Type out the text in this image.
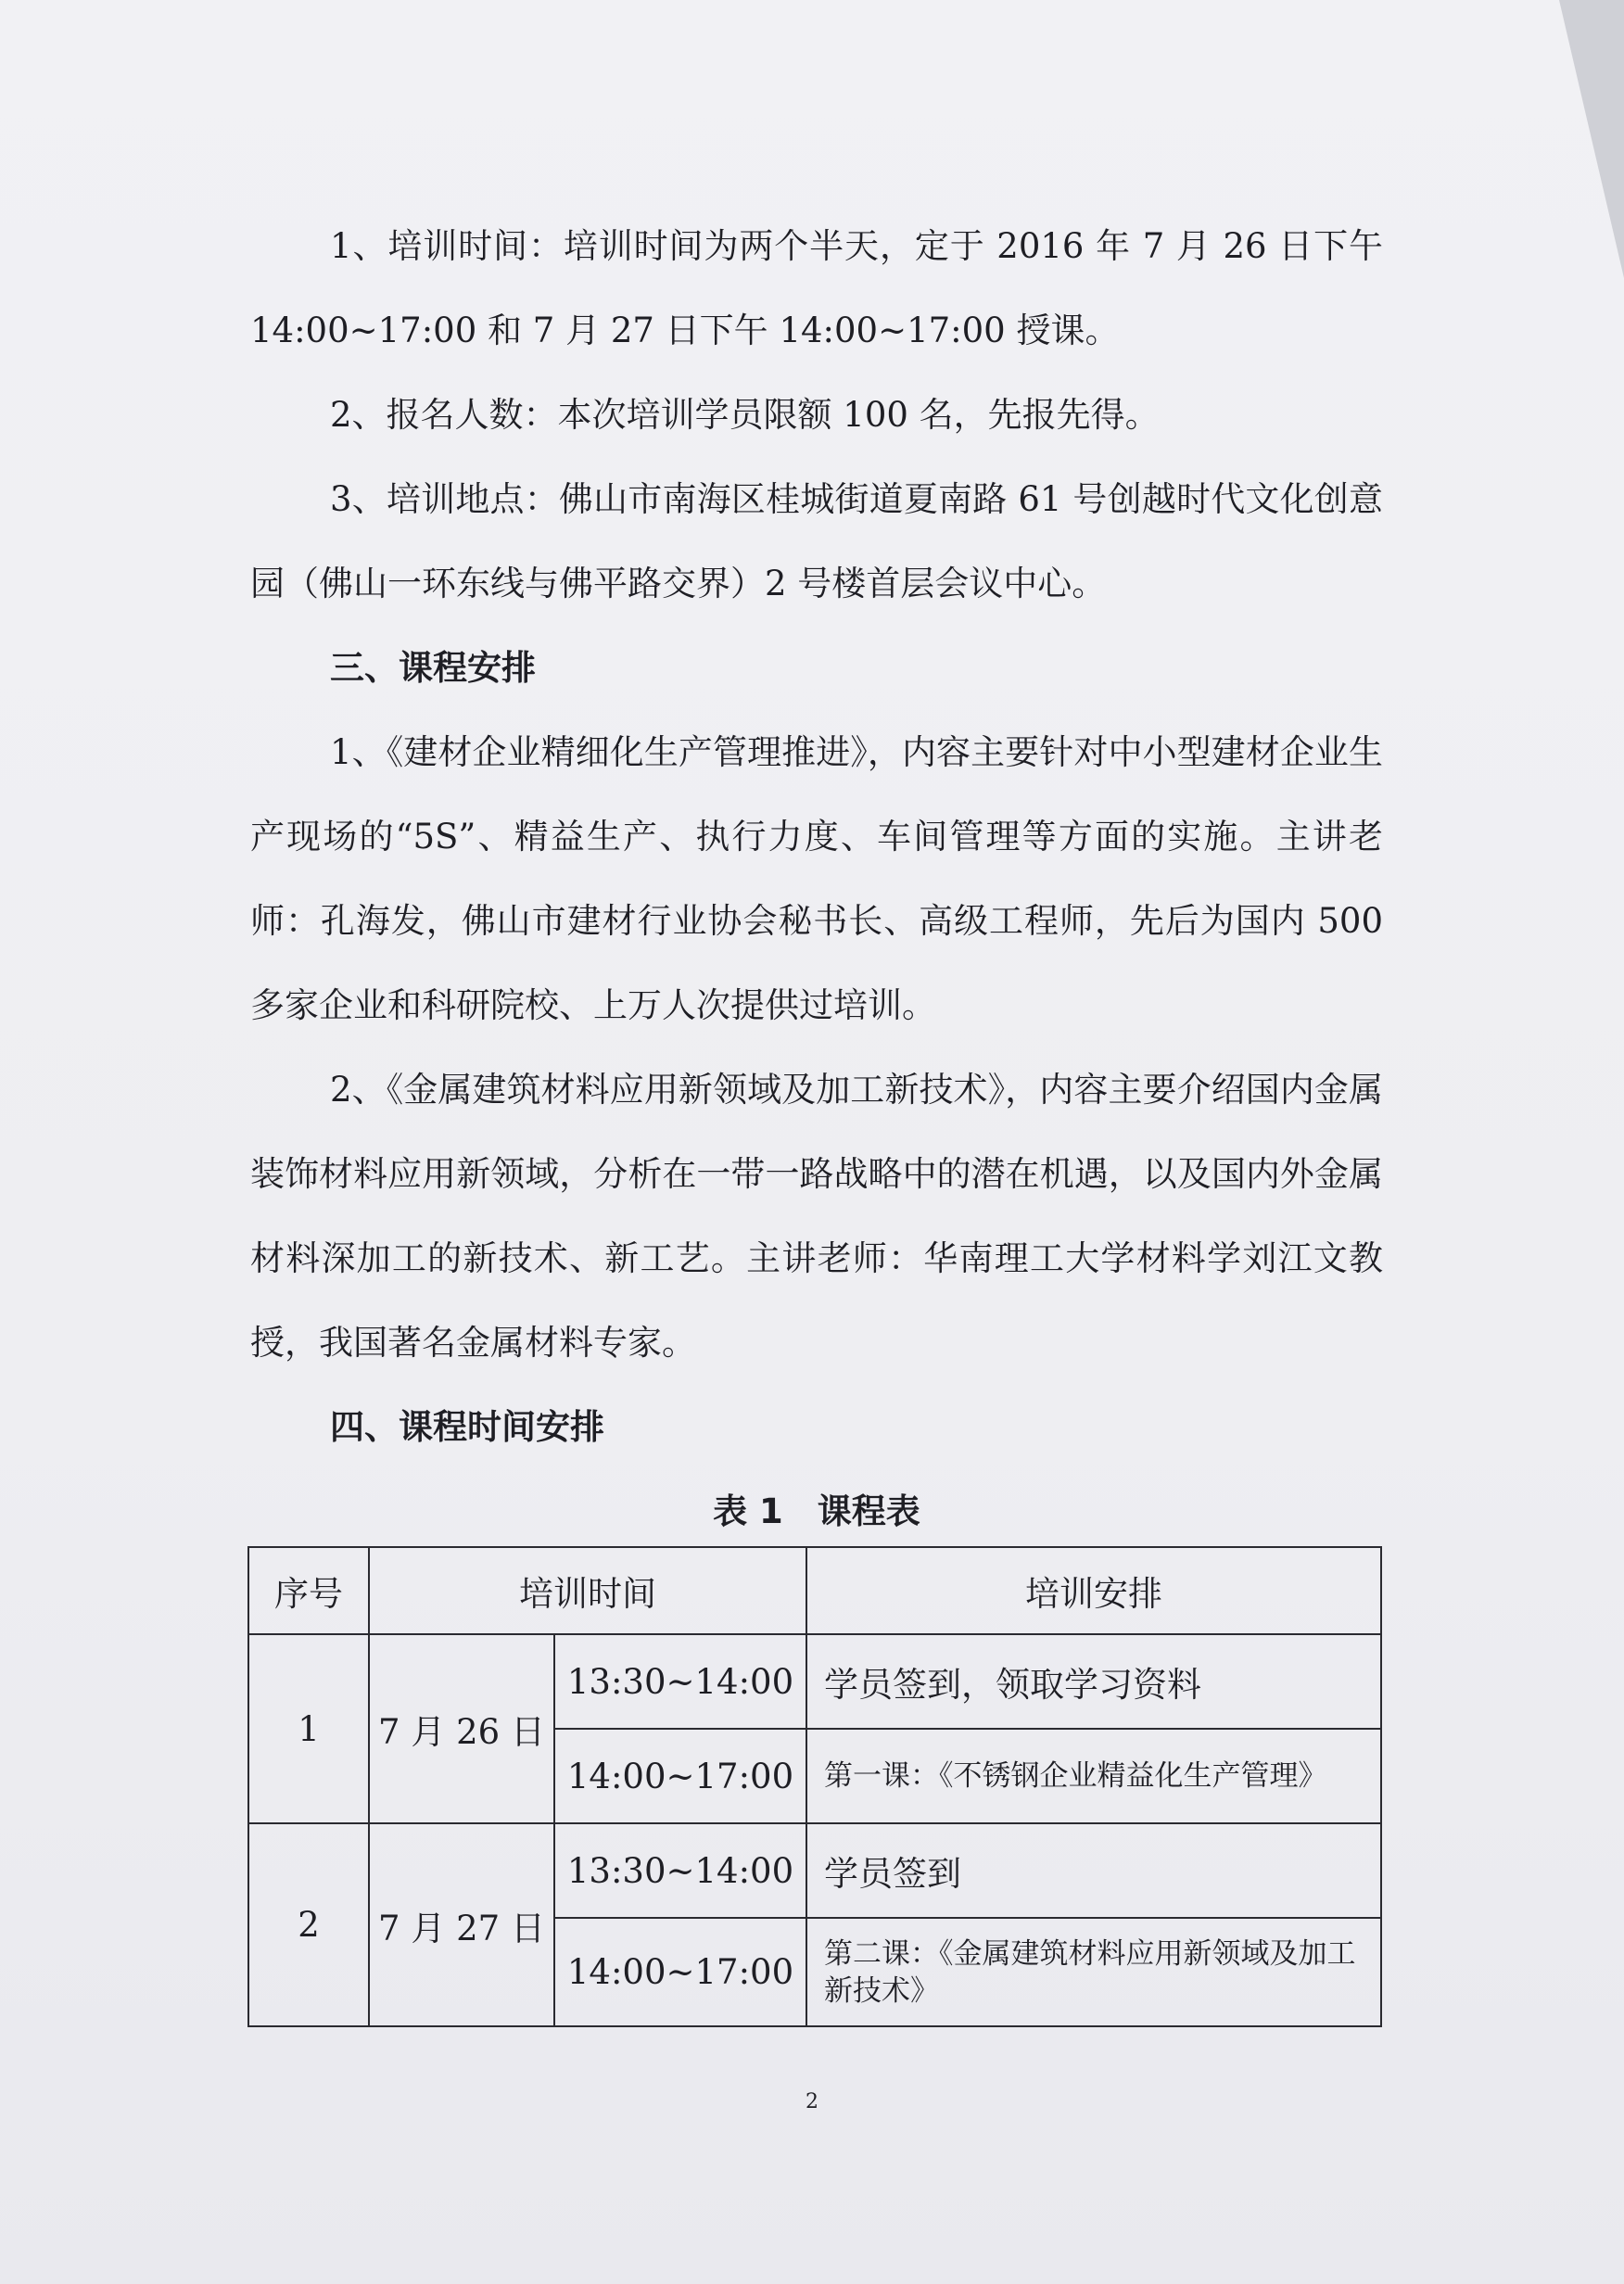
1、培训时间：培训时间为两个半天，定于 2016 年 7 月 26 日下午 14:00~17:00 和 7 月 27 日下午 14:00~17:00 授课。

2、报名人数：本次培训学员限额 100 名，先报先得。

3、培训地点：佛山市南海区桂城街道夏南路 61 号创越时代文化创意园（佛山一环东线与佛平路交界）2 号楼首层会议中心。

三、课程安排

1、《建材企业精细化生产管理推进》，内容主要针对中小型建材企业生产现场的“5S”、精益生产、执行力度、车间管理等方面的实施。主讲老师：孔海发，佛山市建材行业协会秘书长、高级工程师，先后为国内 500 多家企业和科研院校、上万人次提供过培训。

2、《金属建筑材料应用新领域及加工新技术》，内容主要介绍国内金属装饰材料应用新领域，分析在一带一路战略中的潜在机遇，以及国内外金属材料深加工的新技术、新工艺。主讲老师：华南理工大学材料学刘江文教授，我国著名金属材料专家。

四、课程时间安排
表 1　课程表
序号	培训时间		培训安排
1	7 月 26 日	13:30~14:00	学员签到，领取学习资料
		14:00~17:00	第一课：《不锈钢企业精益化生产管理》
2	7 月 27 日	13:30~14:00	学员签到
		14:00~17:00	第二课：《金属建筑材料应用新领域及加工新技术》
2
